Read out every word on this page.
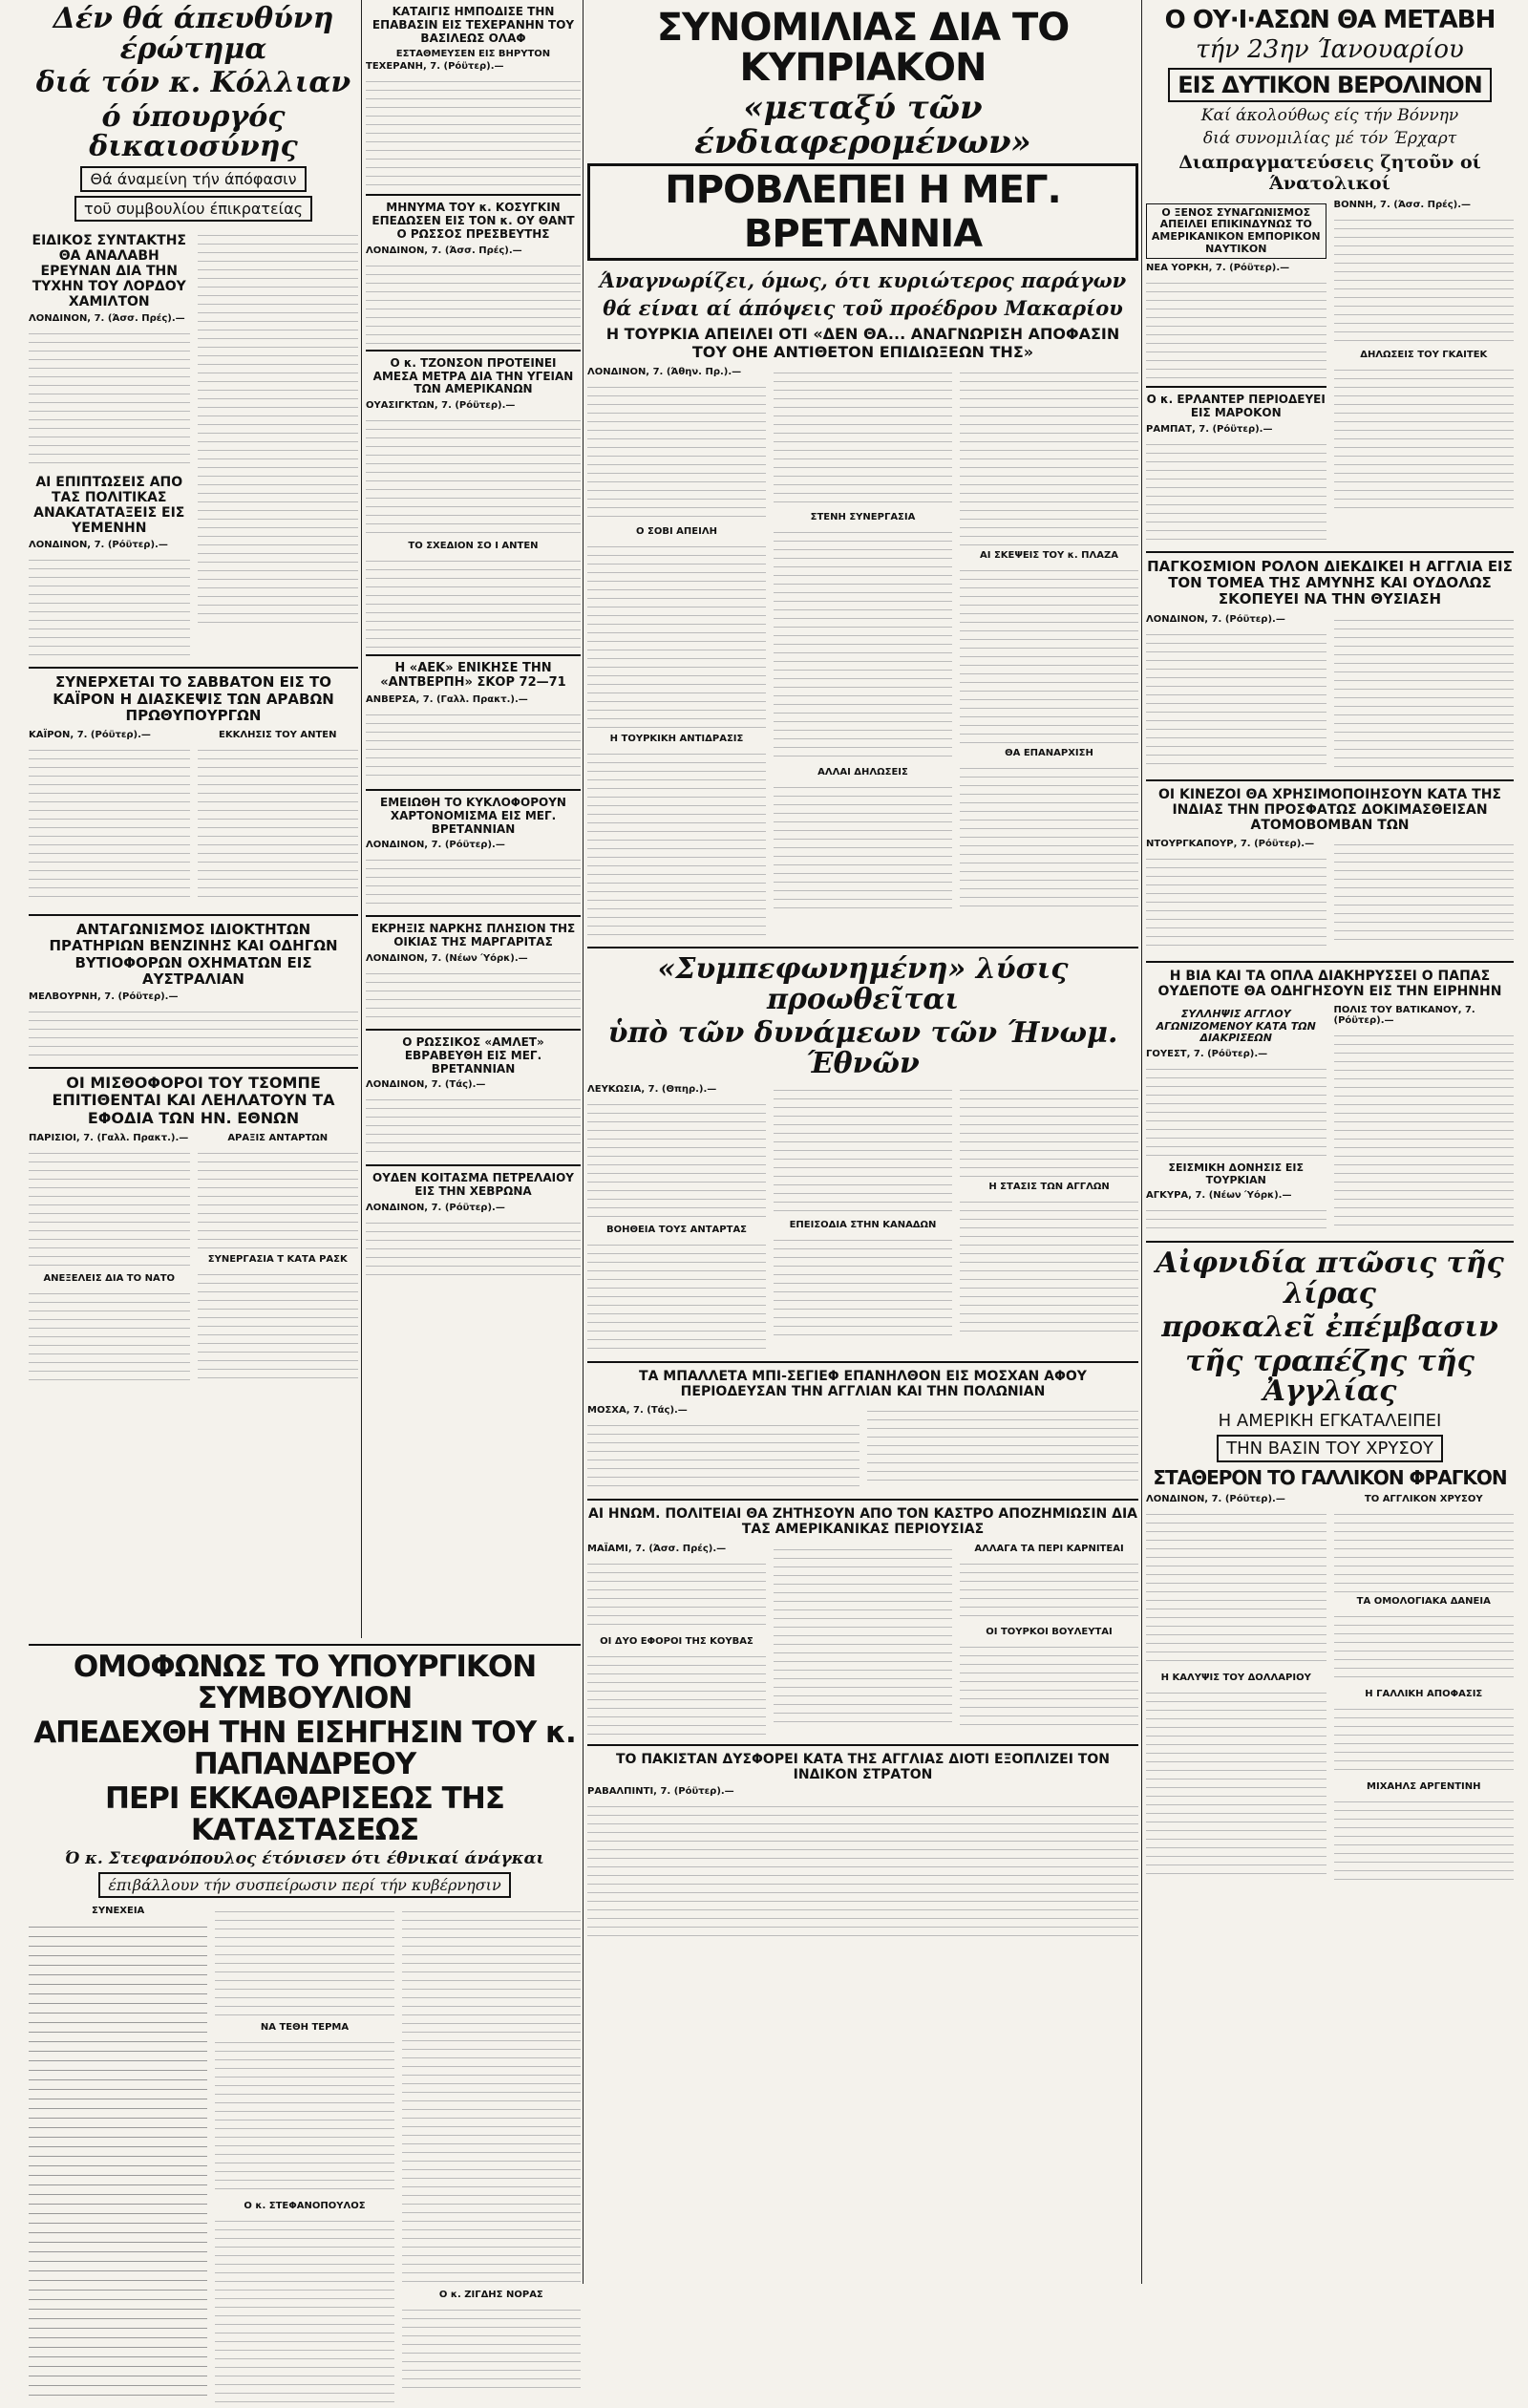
Δέν θά άπευθύνη έρώτημα
διά τόν κ. Κόλλιαν
ό ύπουργός δικαιοσύνης
Θά άναμείνη τήν άπόφασιν
τοῦ συμβουλίου έπικρατείας
ΕΙΔΙΚΟΣ ΣΥΝΤΑΚΤΗΣ ΘΑ ΑΝΑΛΑΒΗ ΕΡΕΥΝΑΝ ΔΙΑ ΤΗΝ ΤΥΧΗΝ ΤΟΥ ΛΟΡΔΟΥ ΧΑΜΙΛΤΟΝ
ΛΟΝΔΙΝΟΝ, 7. (Άσσ. Πρές).—
ΑΙ ΕΠΙΠΤΩΣΕΙΣ ΑΠΟ ΤΑΣ ΠΟΛΙΤΙΚΑΣ ΑΝΑΚΑΤΑΤΑΞΕΙΣ ΕΙΣ ΥΕΜΕΝΗΝ
ΛΟΝΔΙΝΟΝ, 7. (Ρόϋτερ).—
ΣΥΝΕΡΧΕΤΑΙ ΤΟ ΣΑΒΒΑΤΟΝ ΕΙΣ ΤΟ ΚΑΪΡΟΝ Η ΔΙΑΣΚΕΨΙΣ ΤΩΝ ΑΡΑΒΩΝ ΠΡΩΘΥΠΟΥΡΓΩΝ
ΚΑΪΡΟΝ, 7. (Ρόϋτερ).—	ΕΚΚΛΗΣΙΣ ΤΟΥ ΑΝΤΕΝ
ΑΝΤΑΓΩΝΙΣΜΟΣ ΙΔΙΟΚΤΗΤΩΝ ΠΡΑΤΗΡΙΩΝ ΒΕΝΖΙΝΗΣ ΚΑΙ ΟΔΗΓΩΝ ΒΥΤΙΟΦΟΡΩΝ ΟΧΗΜΑΤΩΝ ΕΙΣ ΑΥΣΤΡΑΛΙΑΝ
ΜΕΛΒΟΥΡΝΗ, 7. (Ρόϋτερ).—
ΟΙ ΜΙΣΘΟΦΟΡΟΙ ΤΟΥ ΤΣΟΜΠΕ ΕΠΙΤΙΘΕΝΤΑΙ ΚΑΙ ΛΕΗΛΑΤΟΥΝ ΤΑ ΕΦΟΔΙΑ ΤΩΝ ΗΝ. ΕΘΝΩΝ
ΠΑΡΙΣΙΟΙ, 7. (Γαλλ. Πρακτ.).—
ΑΝΕΞΕΛΕΙΣ ΔΙΑ ΤΟ ΝΑΤΟ
ΑΡΑΞΙΣ ΑΝΤΑΡΤΩΝ
ΣΥΝΕΡΓΑΣΙΑ Τ ΚΑΤΑ ΡΑΣΚ
ΚΑΤΑΙΓΙΣ ΗΜΠΟΔΙΣΕ ΤΗΝ ΕΠΑΒΑΣΙΝ ΕΙΣ ΤΕΧΕΡΑΝΗΝ ΤΟΥ ΒΑΣΙΛΕΩΣ ΟΛΑΦ
ΕΣΤΑΘΜΕΥΣΕΝ ΕΙΣ ΒΗΡΥΤΟΝ
ΤΕΧΕΡΑΝΗ, 7. (Ρόϋτερ).—
ΜΗΝΥΜΑ ΤΟΥ κ. ΚΟΣΥΓΚΙΝ ΕΠΕΔΩΣΕΝ ΕΙΣ ΤΟΝ κ. ΟΥ ΘΑΝΤ Ο ΡΩΣΣΟΣ ΠΡΕΣΒΕΥΤΗΣ
ΛΟΝΔΙΝΟΝ, 7. (Άσσ. Πρές).—
Ο κ. ΤΖΟΝΣΟΝ ΠΡΟΤΕΙΝΕΙ ΑΜΕΣΑ ΜΕΤΡΑ ΔΙΑ ΤΗΝ ΥΓΕΙΑΝ ΤΩΝ ΑΜΕΡΙΚΑΝΩΝ
ΟΥΑΣΙΓΚΤΩΝ, 7. (Ρόϋτερ).—
ΤΟ ΣΧΕΔΙΟΝ ΣΟ Ι ΑΝΤΕΝ
Η «ΑΕΚ» ΕΝΙΚΗΣΕ ΤΗΝ «ΑΝΤΒΕΡΠΗ» ΣΚΟΡ 72—71
ΑΝΒΕΡΣΑ, 7. (Γαλλ. Πρακτ.).—
ΕΜΕΙΩΘΗ ΤΟ ΚΥΚΛΟΦΟΡΟΥΝ ΧΑΡΤΟΝΟΜΙΣΜΑ ΕΙΣ ΜΕΓ. ΒΡΕΤΑΝΝΙΑΝ
ΛΟΝΔΙΝΟΝ, 7. (Ρόϋτερ).—
ΕΚΡΗΞΙΣ ΝΑΡΚΗΣ ΠΛΗΣΙΟΝ ΤΗΣ ΟΙΚΙΑΣ ΤΗΣ ΜΑΡΓΑΡΙΤΑΣ
ΛΟΝΔΙΝΟΝ, 7. (Νέων Ύόρκ).—
Ο ΡΩΣΣΙΚΟΣ «ΑΜΛΕΤ» ΕΒΡΑΒΕΥΘΗ ΕΙΣ ΜΕΓ. ΒΡΕΤΑΝΝΙΑΝ
ΛΟΝΔΙΝΟΝ, 7. (Τάς).—
ΟΥΔΕΝ ΚΟΙΤΑΣΜΑ ΠΕΤΡΕΛΑΙΟΥ ΕΙΣ ΤΗΝ ΧΕΒΡΩΝΑ
ΛΟΝΔΙΝΟΝ, 7. (Ρόϋτερ).—
ΟΜΟΦΩΝΩΣ ΤΟ ΥΠΟΥΡΓΙΚΟΝ ΣΥΜΒΟΥΛΙΟΝ
ΑΠΕΔΕΧΘΗ ΤΗΝ ΕΙΣΗΓΗΣΙΝ ΤΟΥ κ. ΠΑΠΑΝΔΡΕΟΥ
ΠΕΡΙ ΕΚΚΑΘΑΡΙΣΕΩΣ ΤΗΣ ΚΑΤΑΣΤΑΣΕΩΣ
Ό κ. Στεφανόπουλος έτόνισεν ότι έθνικαί άνάγκαι
έπιβάλλουν τήν συσπείρωσιν περί τήν κυβέρνησιν
ΣΥΝΕΧΕΙΑ
ΝΑ ΤΕΘΗ ΤΕΡΜΑ
Ο κ. ΣΤΕΦΑΝΟΠΟΥΛΟΣ
Ο κ. ΖΙΓΔΗΣ ΝΟΡΑΣ
ΣΥΝΟΜΙΛΙΑΣ ΔΙΑ ΤΟ ΚΥΠΡΙΑΚΟΝ
«μεταξύ τῶν ένδιαφερομένων»
ΠΡΟΒΛΕΠΕΙ Η ΜΕΓ. ΒΡΕΤΑΝΝΙΑ
Άναγνωρίζει, όμως, ότι κυριώτερος παράγων
θά είναι αί άπόψεις τοῦ προέδρου Μακαρίου
Η ΤΟΥΡΚΙΑ ΑΠΕΙΛΕΙ ΟΤΙ «ΔΕΝ ΘΑ... ΑΝΑΓΝΩΡΙΣΗ ΑΠΟΦΑΣΙΝ ΤΟΥ ΟΗΕ ΑΝΤΙΘΕΤΟΝ ΕΠΙΔΙΩΞΕΩΝ ΤΗΣ»
ΛΟΝΔΙΝΟΝ, 7. (Άθην. Πρ.).—
Ο ΣΟΒΙ ΑΠΕΙΛΗ
Η ΤΟΥΡΚΙΚΗ ΑΝΤΙΔΡΑΣΙΣ
ΣΤΕΝΗ ΣΥΝΕΡΓΑΣΙΑ
ΑΛΛΑΙ ΔΗΛΩΣΕΙΣ
ΑΙ ΣΚΕΨΕΙΣ ΤΟΥ κ. ΠΛΑΖΑ
ΘΑ ΕΠΑΝΑΡΧΙΣΗ
«Συμπεφωνημένη» λύσις προωθεῖται
ὑπὸ τῶν δυνάμεων τῶν Ήνωμ. Έθνῶν
ΛΕΥΚΩΣΙΑ, 7. (Θπηρ.).—
ΒΟΗΘΕΙΑ ΤΟΥΣ ΑΝΤΑΡΤΑΣ	ΕΠΕΙΣΟΔΙΑ ΣΤΗΝ ΚΑΝΑΔΩΝ
Η ΣΤΑΣΙΣ ΤΩΝ ΑΓΓΛΩΝ
ΤΑ ΜΠΑΛΛΕΤΑ ΜΠΙ-ΣΕΓΙΕΦ ΕΠΑΝΗΛΘΟΝ ΕΙΣ ΜΟΣΧΑΝ ΑΦΟΥ ΠΕΡΙΟΔΕΥΣΑΝ ΤΗΝ ΑΓΓΛΙΑΝ ΚΑΙ ΤΗΝ ΠΟΛΩΝΙΑΝ
ΜΟΣΧΑ, 7. (Τάς).—
ΑΙ ΗΝΩΜ. ΠΟΛΙΤΕΙΑΙ ΘΑ ΖΗΤΗΣΟΥΝ ΑΠΟ ΤΟΝ ΚΑΣΤΡΟ ΑΠΟΖΗΜΙΩΣΙΝ ΔΙΑ ΤΑΣ ΑΜΕΡΙΚΑΝΙΚΑΣ ΠΕΡΙΟΥΣΙΑΣ
ΜΑΪΑΜΙ, 7. (Άσσ. Πρές).—
ΟΙ ΔΥΟ ΕΦΟΡΟΙ ΤΗΣ ΚΟΥΒΑΣ
ΑΛΛΑΓΑ ΤΑ ΠΕΡΙ ΚΑΡΝΙΤΕΑΙ
ΟΙ ΤΟΥΡΚΟΙ ΒΟΥΛΕΥΤΑΙ
ΤΟ ΠΑΚΙΣΤΑΝ ΔΥΣΦΟΡΕΙ ΚΑΤΑ ΤΗΣ ΑΓΓΛΙΑΣ ΔΙΟΤΙ ΕΞΟΠΛΙΖΕΙ ΤΟΝ ΙΝΔΙΚΟΝ ΣΤΡΑΤΟΝ
ΡΑΒΑΛΠΙΝΤΙ, 7. (Ρόϋτερ).—
Ο ΟΥ·Ι·ΑΣΩΝ ΘΑ ΜΕΤΑΒΗ
τήν 23ην Ίανουαρίου
ΕΙΣ ΔΥΤΙΚΟΝ ΒΕΡΟΛΙΝΟΝ
Καί άκολούθως είς τήν Βόννην
διά συνομιλίας μέ τόν Έρχαρτ
Διαπραγματεύσεις ζητοῦν οί Άνατολικοί
Ο ΞΕΝΟΣ ΣΥΝΑΓΩΝΙΣΜΟΣ ΑΠΕΙΛΕΙ ΕΠΙΚΙΝΔΥΝΩΣ ΤΟ ΑΜΕΡΙΚΑΝΙΚΟΝ ΕΜΠΟΡΙΚΟΝ ΝΑΥΤΙΚΟΝ
ΝΕΑ ΥΟΡΚΗ, 7. (Ρόϋτερ).—
Ο κ. ΕΡΛΑΝΤΕΡ ΠΕΡΙΟΔΕΥΕΙ ΕΙΣ ΜΑΡΟΚΟΝ
ΡΑΜΠΑΤ, 7. (Ρόϋτερ).—
ΒΟΝΝΗ, 7. (Άσσ. Πρές).—
ΔΗΛΩΣΕΙΣ ΤΟΥ ΓΚΑΙΤΕΚ
ΠΑΓΚΟΣΜΙΟΝ ΡΟΛΟΝ ΔΙΕΚΔΙΚΕΙ Η ΑΓΓΛΙΑ ΕΙΣ ΤΟΝ ΤΟΜΕΑ ΤΗΣ ΑΜΥΝΗΣ ΚΑΙ ΟΥΔΟΛΩΣ ΣΚΟΠΕΥΕΙ ΝΑ ΤΗΝ ΘΥΣΙΑΣΗ
ΛΟΝΔΙΝΟΝ, 7. (Ρόϋτερ).—
ΟΙ ΚΙΝΕΖΟΙ ΘΑ ΧΡΗΣΙΜΟΠΟΙΗΣΟΥΝ ΚΑΤΑ ΤΗΣ ΙΝΔΙΑΣ ΤΗΝ ΠΡΟΣΦΑΤΩΣ ΔΟΚΙΜΑΣΘΕΙΣΑΝ ΑΤΟΜΟΒΟΜΒΑΝ ΤΩΝ
ΝΤΟΥΡΓΚΑΠΟΥΡ, 7. (Ρόϋτερ).—
Η ΒΙΑ ΚΑΙ ΤΑ ΟΠΛΑ ΔΙΑΚΗΡΥΣΣΕΙ Ο ΠΑΠΑΣ ΟΥΔΕΠΟΤΕ ΘΑ ΟΔΗΓΗΣΟΥΝ ΕΙΣ ΤΗΝ ΕΙΡΗΝΗΝ
ΣΥΛΛΗΨΙΣ ΑΓΓΛΟΥ ΑΓΩΝΙΖΟΜΕΝΟΥ ΚΑΤΑ ΤΩΝ ΔΙΑΚΡΙΣΕΩΝ
ΓΟΥΕΣΤ, 7. (Ρόϋτερ).—
ΣΕΙΣΜΙΚΗ ΔΟΝΗΣΙΣ ΕΙΣ ΤΟΥΡΚΙΑΝ
ΑΓΚΥΡΑ, 7. (Νέων Ύόρκ).—
ΠΟΛΙΣ ΤΟΥ ΒΑΤΙΚΑΝΟΥ, 7. (Ρόϋτερ).—
Αἰφνιδία πτῶσις τῆς λίρας
προκαλεῖ ἐπέμβασιν
τῆς τραπέζης τῆς Ἀγγλίας
Η ΑΜΕΡΙΚΗ ΕΓΚΑΤΑΛΕΙΠΕΙ
ΤΗΝ ΒΑΣΙΝ ΤΟΥ ΧΡΥΣΟΥ
ΣΤΑΘΕΡΟΝ ΤΟ ΓΑΛΛΙΚΟΝ ΦΡΑΓΚΟΝ
ΛΟΝΔΙΝΟΝ, 7. (Ρόϋτερ).—
Η ΚΑΛΥΨΙΣ ΤΟΥ ΔΟΛΛΑΡΙΟΥ
ΤΟ ΑΓΓΛΙΚΟΝ ΧΡΥΣΟΥ
ΤΑ ΟΜΟΛΟΓΙΑΚΑ ΔΑΝΕΙΑ
Η ΓΑΛΛΙΚΗ ΑΠΟΦΑΣΙΣ
ΜΙΧΑΗΛΣ ΑΡΓΕΝΤΙΝΗ
